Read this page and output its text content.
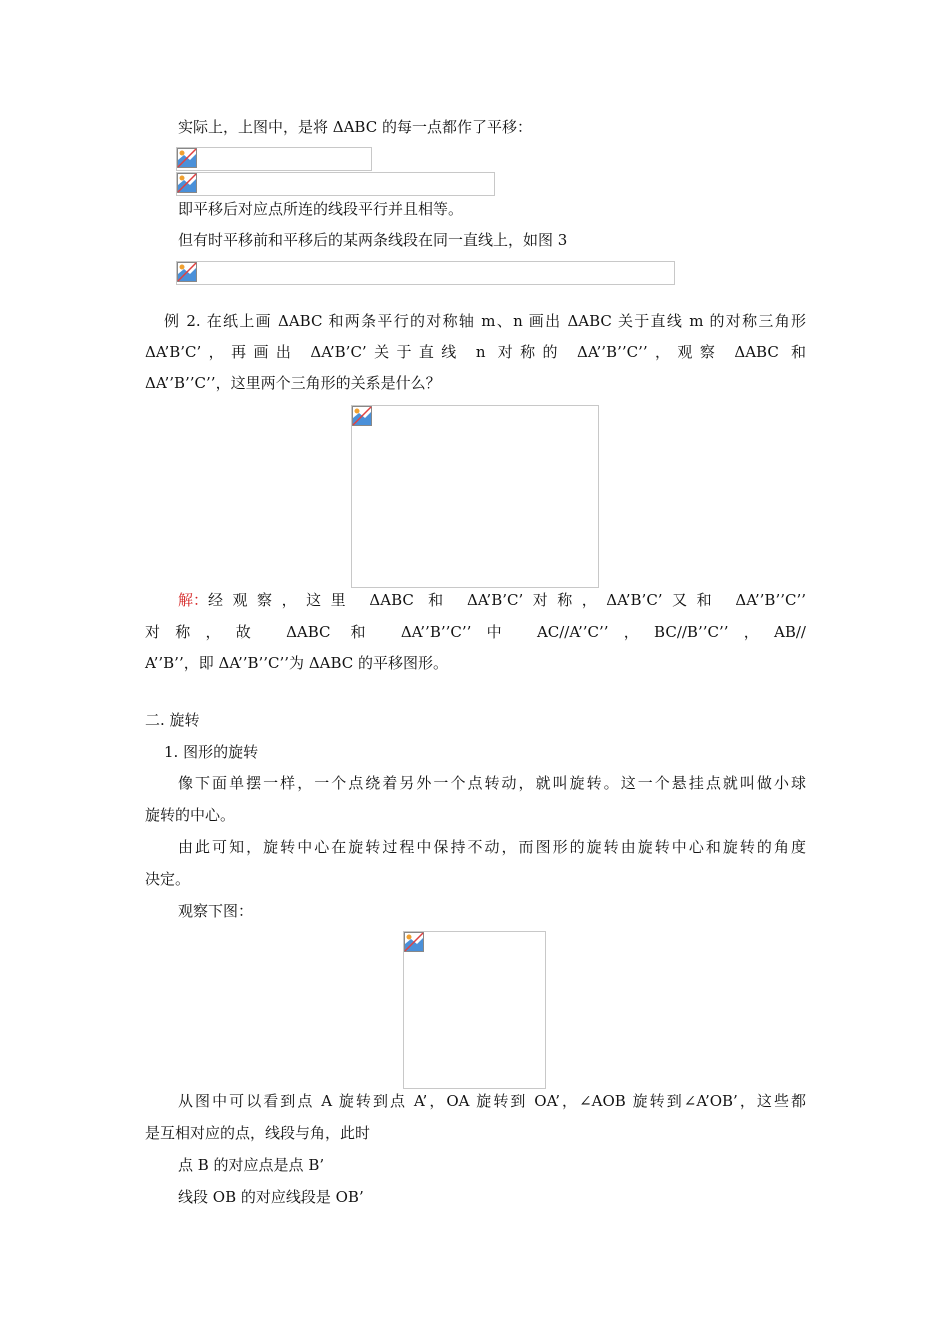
实际上，上图中，是将 ΔABC 的每一点都作了平移：
即平移后对应点所连的线段平行并且相等。
但有时平移前和平移后的某两条线段在同一直线上，如图 3
例 2. 在纸上画 ΔABC 和两条平行的对称轴 m、n 画出 ΔABC 关于直线 m 的对称三角形
ΔA’B’C’，再画出 ΔA’B’C’关于直线 n 对称的 ΔA’’B’’C’’，观察 ΔABC 和
ΔA’’B’’C’’，这里两个三角形的关系是什么？
解： 经观察，这里 ΔABC 和 ΔA’B’C’对称，ΔA’B’C’又和 ΔA’’B’’C’’
对称，故 ΔABC 和 ΔA’’B’’C’’中 AC//A’’C’’，BC//B’’C’’，AB//
A’’B’’，即 ΔA’’B’’C’’为 ΔABC 的平移图形。
二. 旋转
1. 图形的旋转
像下面单摆一样，一个点绕着另外一个点转动，就叫旋转。这一个悬挂点就叫做小球
旋转的中心。
由此可知，旋转中心在旋转过程中保持不动，而图形的旋转由旋转中心和旋转的角度
决定。
观察下图：
从图中可以看到点 A 旋转到点 A’，OA 旋转到 OA’，∠AOB 旋转到∠A’OB’，这些都
是互相对应的点，线段与角，此时
点 B 的对应点是点 B’
线段 OB 的对应线段是 OB’
